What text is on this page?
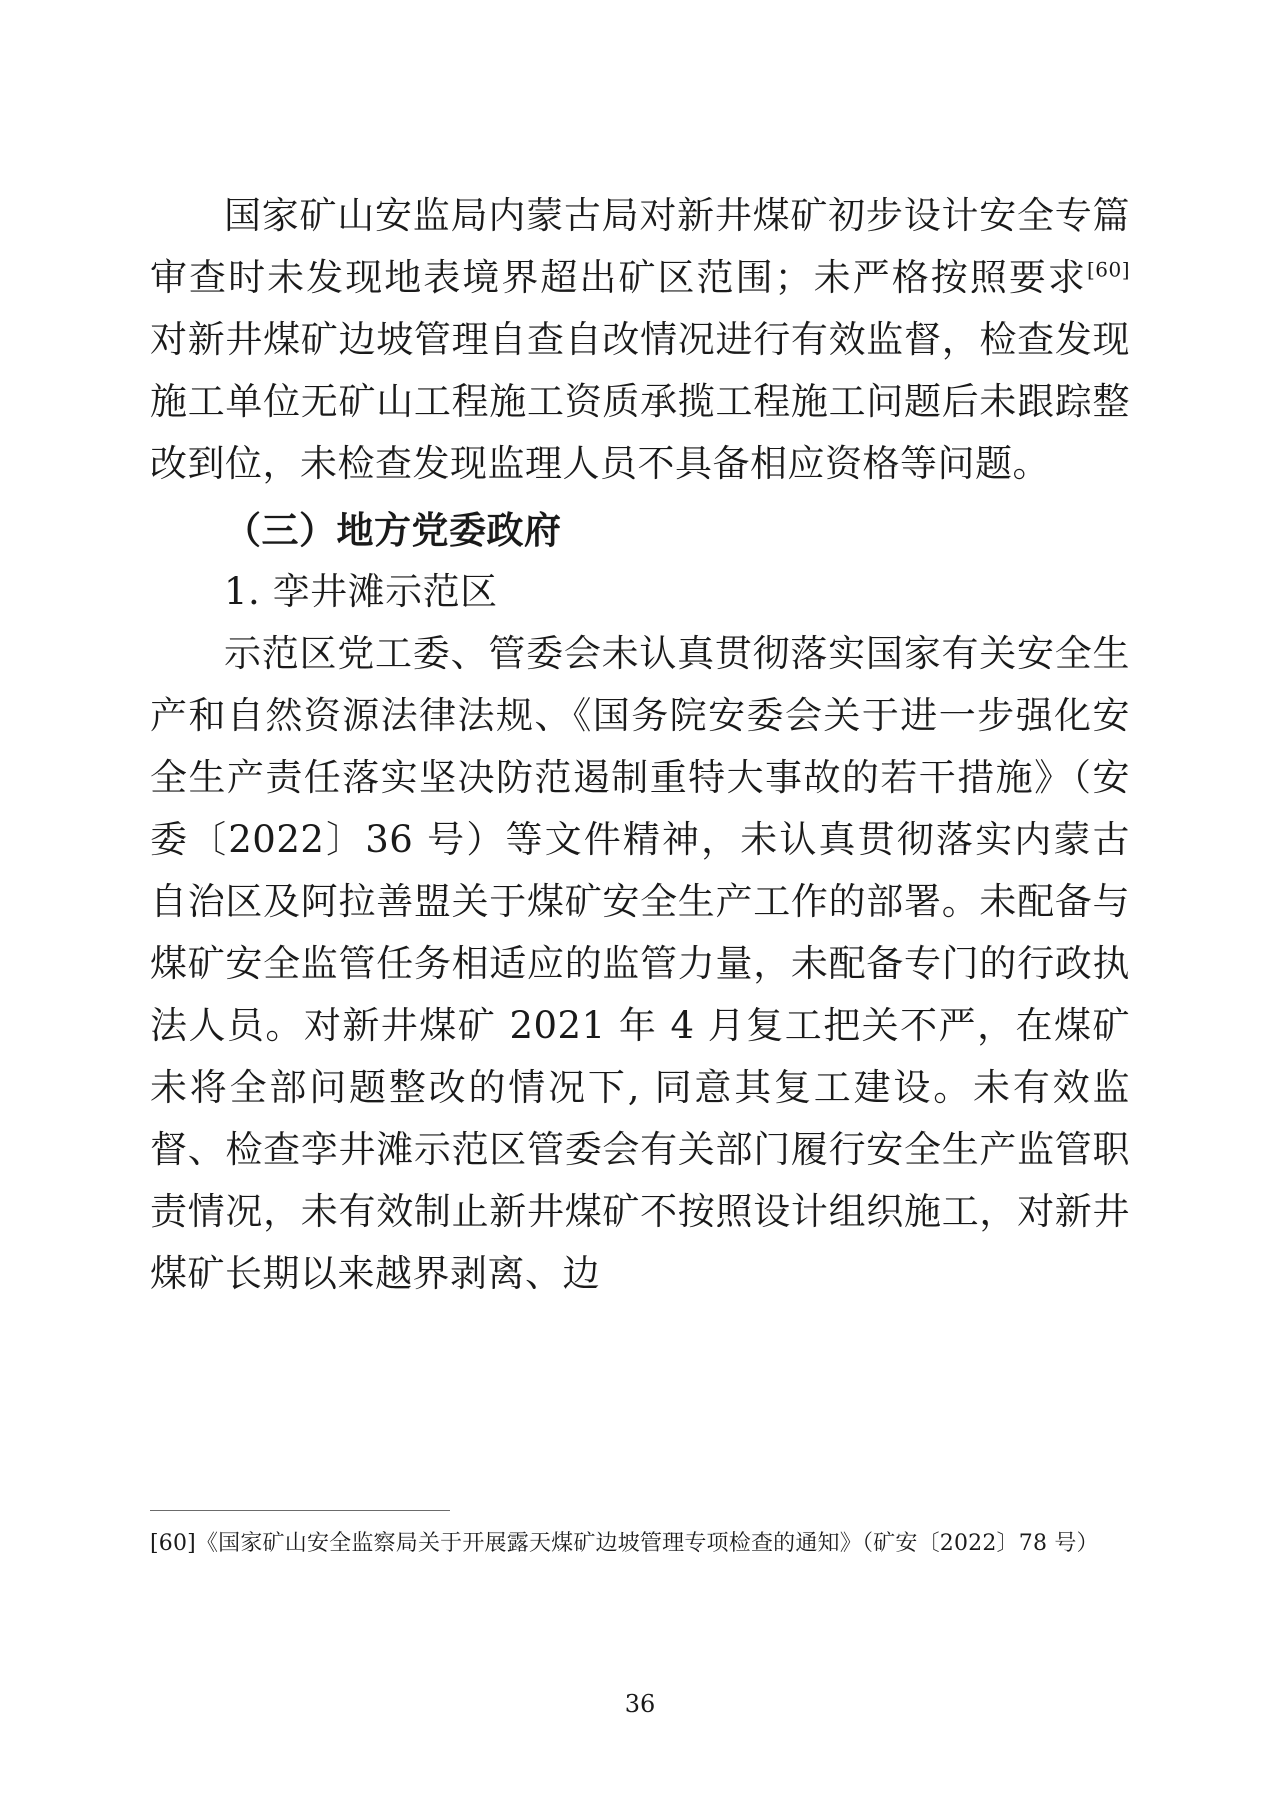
国家矿山安监局内蒙古局对新井煤矿初步设计安全专篇审查时未发现地表境界超出矿区范围；未严格按照要求[60]对新井煤矿边坡管理自查自改情况进行有效监督，检查发现施工单位无矿山工程施工资质承揽工程施工问题后未跟踪整改到位，未检查发现监理人员不具备相应资格等问题。

（三）地方党委政府

1. 孪井滩示范区

示范区党工委、管委会未认真贯彻落实国家有关安全生产和自然资源法律法规、《国务院安委会关于进一步强化安全生产责任落实坚决防范遏制重特大事故的若干措施》（安委〔2022〕36 号）等文件精神，未认真贯彻落实内蒙古自治区及阿拉善盟关于煤矿安全生产工作的部署。未配备与煤矿安全监管任务相适应的监管力量，未配备专门的行政执法人员。对新井煤矿 2021 年 4 月复工把关不严，在煤矿未将全部问题整改的情况下, 同意其复工建设。未有效监督、检查孪井滩示范区管委会有关部门履行安全生产监管职责情况，未有效制止新井煤矿不按照设计组织施工，对新井煤矿长期以来越界剥离、边

[60]《国家矿山安全监察局关于开展露天煤矿边坡管理专项检查的通知》（矿安〔2022〕78 号）

36
